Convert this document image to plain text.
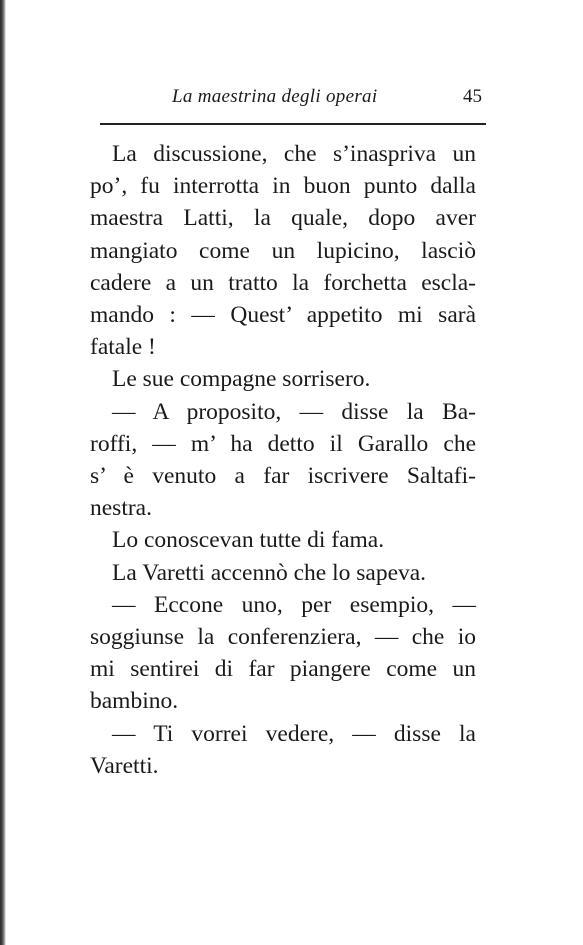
La maestrina degli operai	45

La discussione, che s’inaspriva un
po’, fu interrotta in buon punto dalla
maestra Latti, la quale, dopo aver
mangiato come un lupicino, lasciò
cadere a un tratto la forchetta escla-
mando : — Quest’ appetito mi sarà
fatale !

Le sue compagne sorrisero.

— A proposito, — disse la Ba-
roffi, — m’ ha detto il Garallo che
s’ è venuto a far iscrivere Saltafi-
nestra.

Lo conoscevan tutte di fama.

La Varetti accennò che lo sapeva.

— Eccone uno, per esempio, —
soggiunse la conferenziera, — che io
mi sentirei di far piangere come un
bambino.

— Ti vorrei vedere, — disse la
Varetti.
